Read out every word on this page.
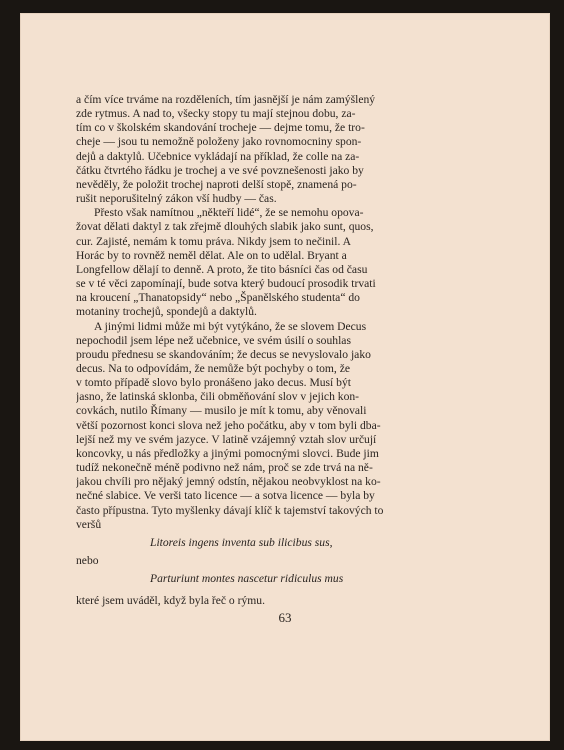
a čím více trváme na rozděleních, tím jasnější je nám zamýšlený
zde rytmus. A nad to, všecky stopy tu mají stejnou dobu, za-
tím co v školském skandování trocheje — dejme tomu, že tro-
cheje — jsou tu nemožně položeny jako rovnomocniny spon-
dejů a daktylů. Učebnice vykládají na příklad, že colle na za-
čátku čtvrtého řádku je trochej a ve své povznešenosti jako by
nevěděly, že položit trochej naproti delší stopě, znamená po-
rušit neporušitelný zákon vší hudby — čas.
Přesto však namítnou „někteří lidé“, že se nemohu opova-
žovat dělati daktyl z tak zřejmě dlouhých slabik jako sunt, quos,
cur. Zajisté, nemám k tomu práva. Nikdy jsem to nečinil. A
Horác by to rovněž neměl dělat. Ale on to udělal. Bryant a
Longfellow dělají to denně. A proto, že tito básníci čas od času
se v té věci zapomínají, bude sotva který budoucí prosodik trvati
na kroucení „Thanatopsidy“ nebo „Španělského studenta“ do
motaniny trochejů, spondejů a daktylů.
A jinými lidmi může mi být vytýkáno, že se slovem Decus
nepochodil jsem lépe než učebnice, ve svém úsilí o souhlas
proudu přednesu se skandováním; že decus se nevyslovalo jako
decus. Na to odpovídám, že nemůže být pochyby o tom, že
v tomto případě slovo bylo pronášeno jako decus. Musí být
jasno, že latinská sklonba, čili obměňování slov v jejich kon-
covkách, nutilo Římany — musilo je mít k tomu, aby věnovali
větší pozornost konci slova než jeho počátku, aby v tom byli dba-
lejší než my ve svém jazyce. V latině vzájemný vztah slov určují
koncovky, u nás předložky a jinými pomocnými slovci. Bude jim
tudíž nekonečně méně podivno než nám, proč se zde trvá na ně-
jakou chvíli pro nějaký jemný odstín, nějakou neobvyklost na ko-
nečné slabice. Ve verši tato licence — a sotva licence — byla by
často přípustna. Tyto myšlenky dávají klíč k tajemství takových to
veršů
Litoreis ingens inventa sub ilicibus sus,
nebo
Parturiunt montes nascetur ridiculus mus
které jsem uváděl, když byla řeč o rýmu.
63
